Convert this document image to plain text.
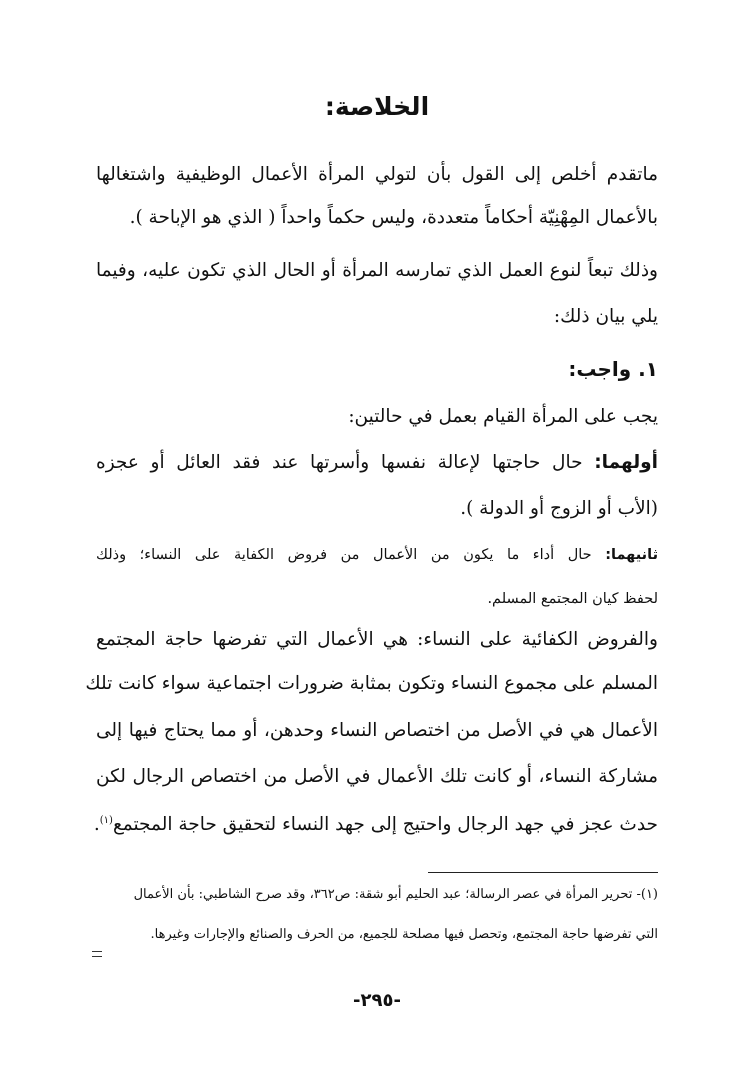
الخلاصة:
ماتقدم أخلص إلى القول بأن لتولي المرأة الأعمال الوظيفية واشتغالها
بالأعمال المِهْنِيّة أحكاماً متعددة، وليس حكماً واحداً ( الذي هو الإباحة ).
وذلك تبعاً لنوع العمل الذي تمارسه المرأة أو الحال الذي تكون عليه، وفيما
يلي بيان ذلك:
١. واجب:
يجب على المرأة القيام بعمل في حالتين:
أولهما: حال حاجتها لإعالة نفسها وأسرتها عند فقد العائل أو عجزه
(الأب أو الزوج أو الدولة ).
ثانيهما: حال أداء ما يكون من الأعمال من فروض الكفاية على النساء؛ وذلك
لحفظ كيان المجتمع المسلم.
والفروض الكفائية على النساء: هي الأعمال التي تفرضها حاجة المجتمع
المسلم على مجموع النساء وتكون بمثابة ضرورات اجتماعية سواء كانت تلك
الأعمال هي في الأصل من اختصاص النساء وحدهن، أو مما يحتاج فيها إلى
مشاركة النساء، أو كانت تلك الأعمال في الأصل من اختصاص الرجال لكن
حدث عجز في جهد الرجال واحتيج إلى جهد النساء لتحقيق حاجة المجتمع$^{(١)}$.
(١)- تحرير المرأة في عصر الرسالة؛ عبد الحليم أبو شقة: ص٣٦٢، وقد صرح الشاطبي: بأن الأعمال
التي تفرضها حاجة المجتمع، وتحصل فيها مصلحة للجميع، من الحرف والصنائع والإجارات وغيرها.
-٢٩٥-
